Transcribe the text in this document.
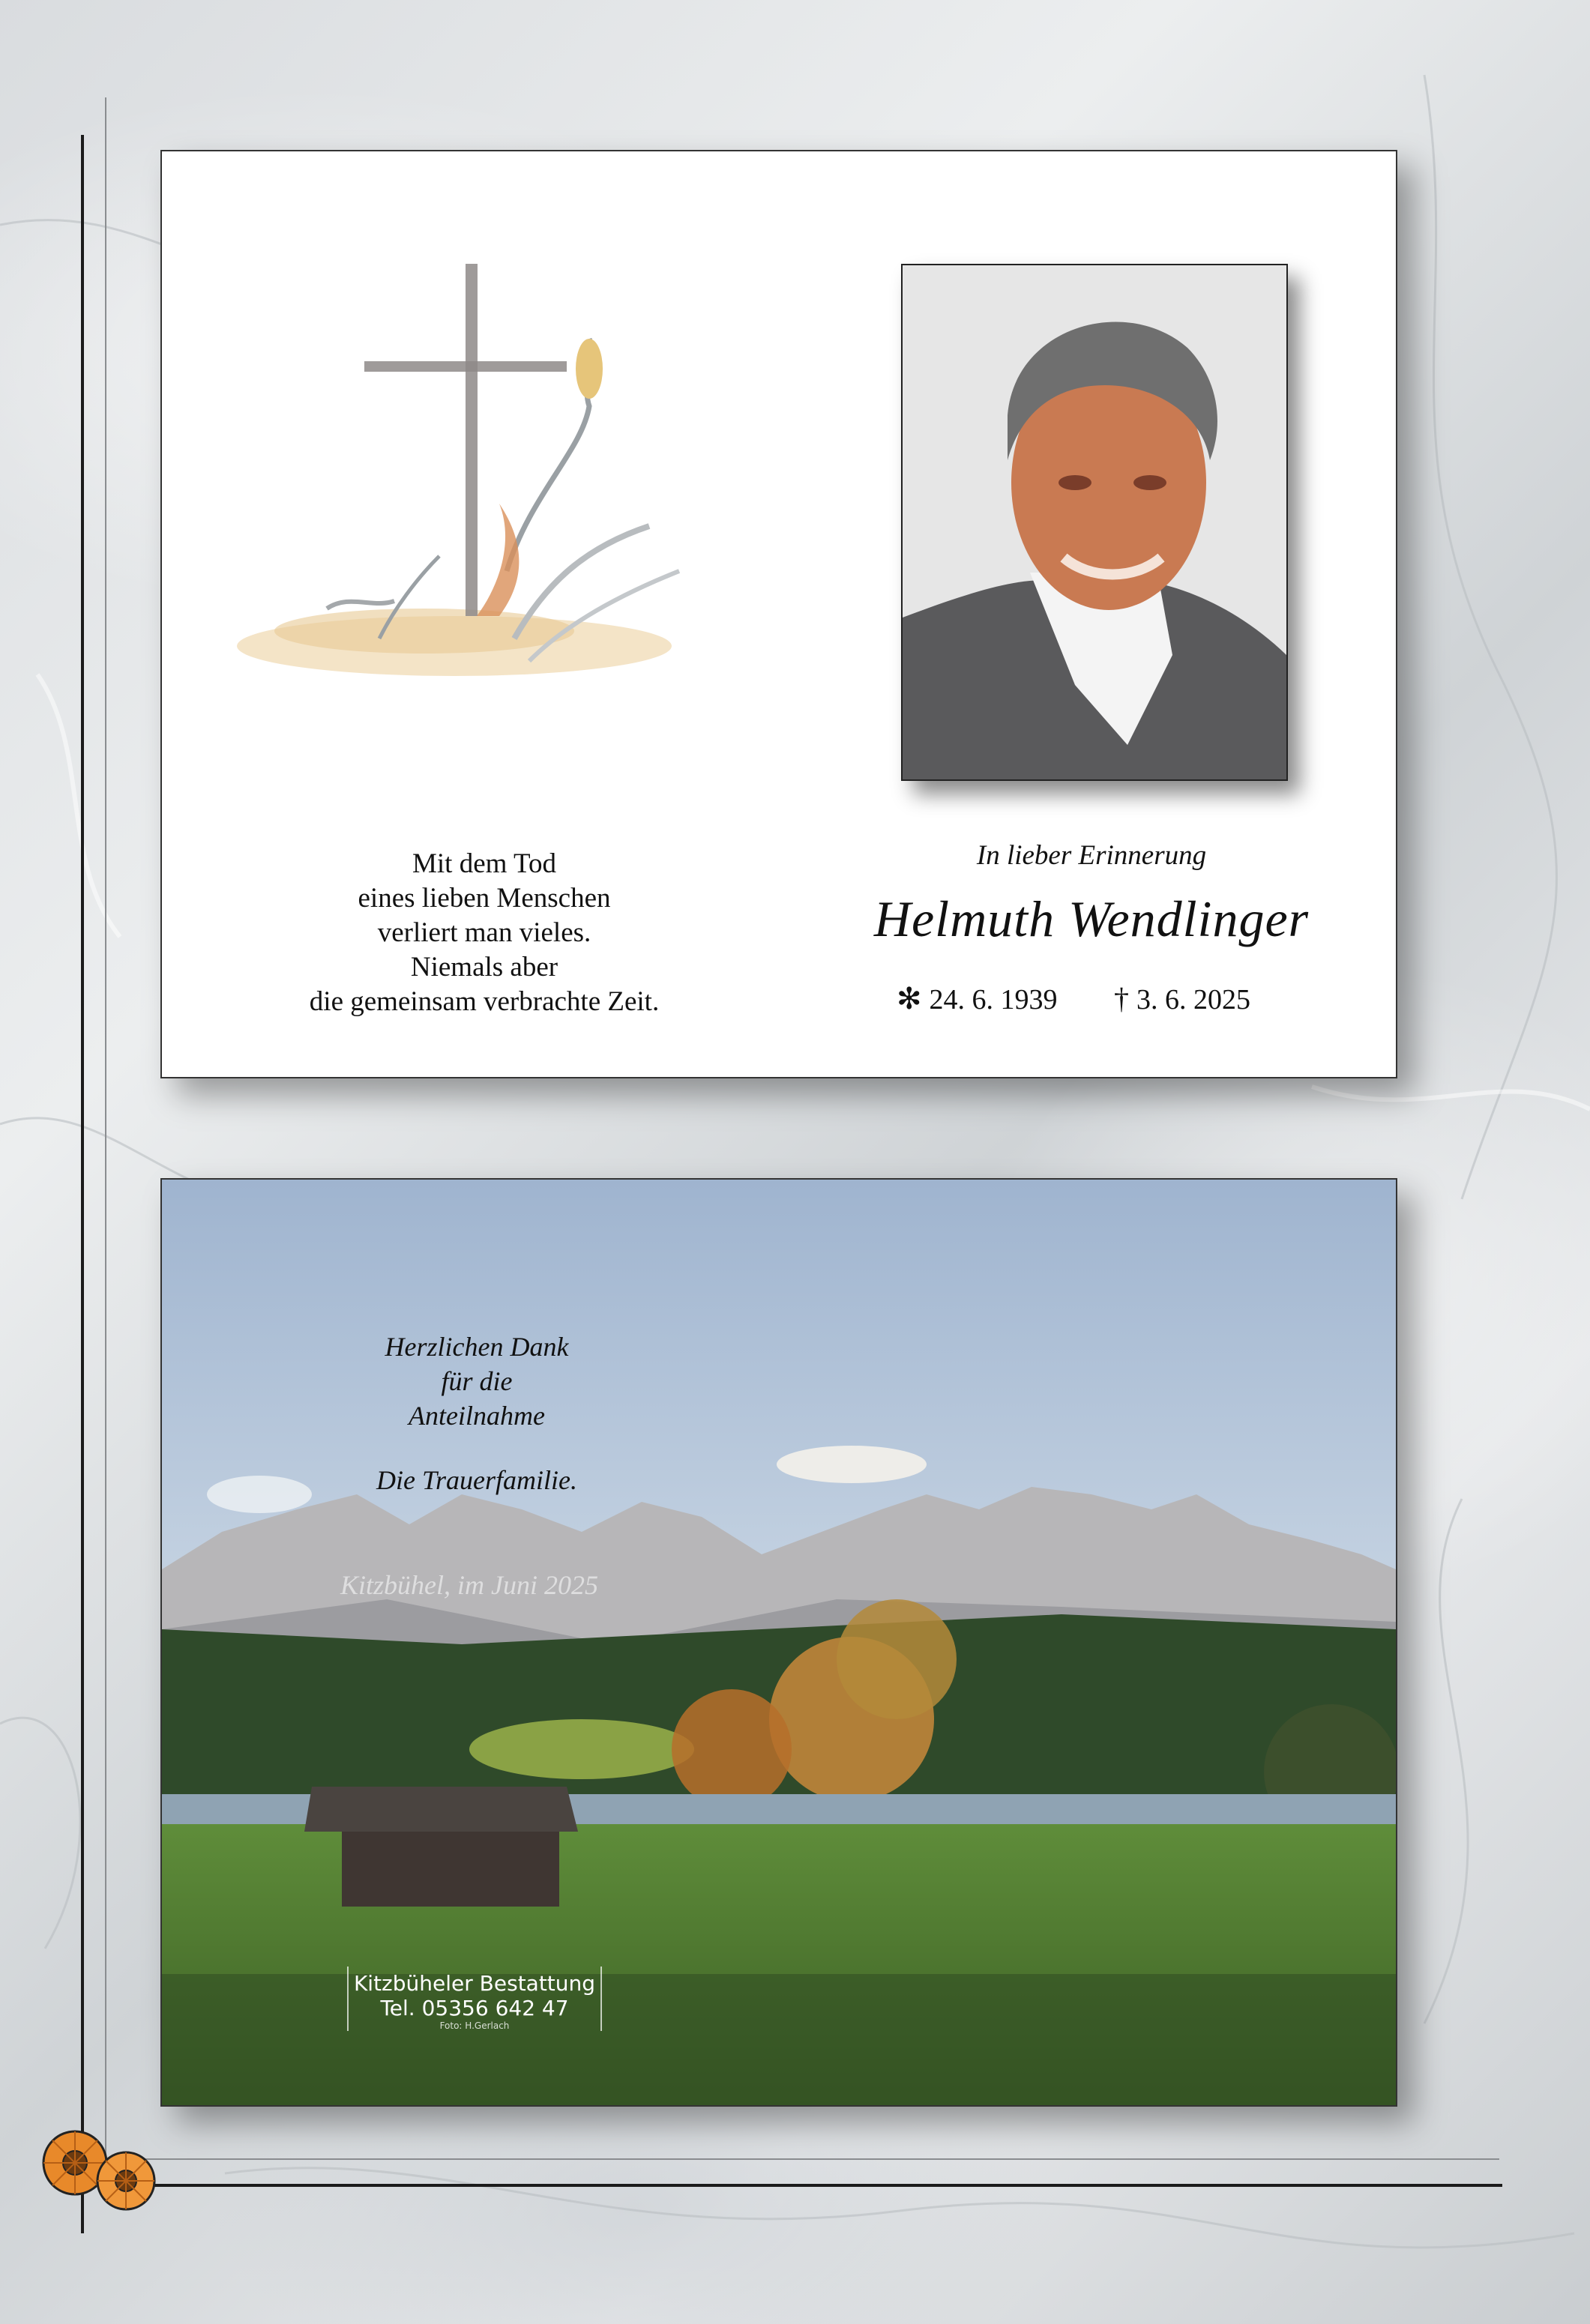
Mit dem Tod
eines lieben Menschen
verliert man vieles.
Niemals aber
die gemeinsam verbrachte Zeit.
In lieber Erinnerung
Helmuth Wendlinger
✻ 24. 6. 1939 † 3. 6. 2025
Herzlichen Dank
für die
Anteilnahme
Die Trauerfamilie.
Kitzbühel, im Juni 2025
Kitzbüheler Bestattung
Tel. 05356 642 47
Foto: H.Gerlach
